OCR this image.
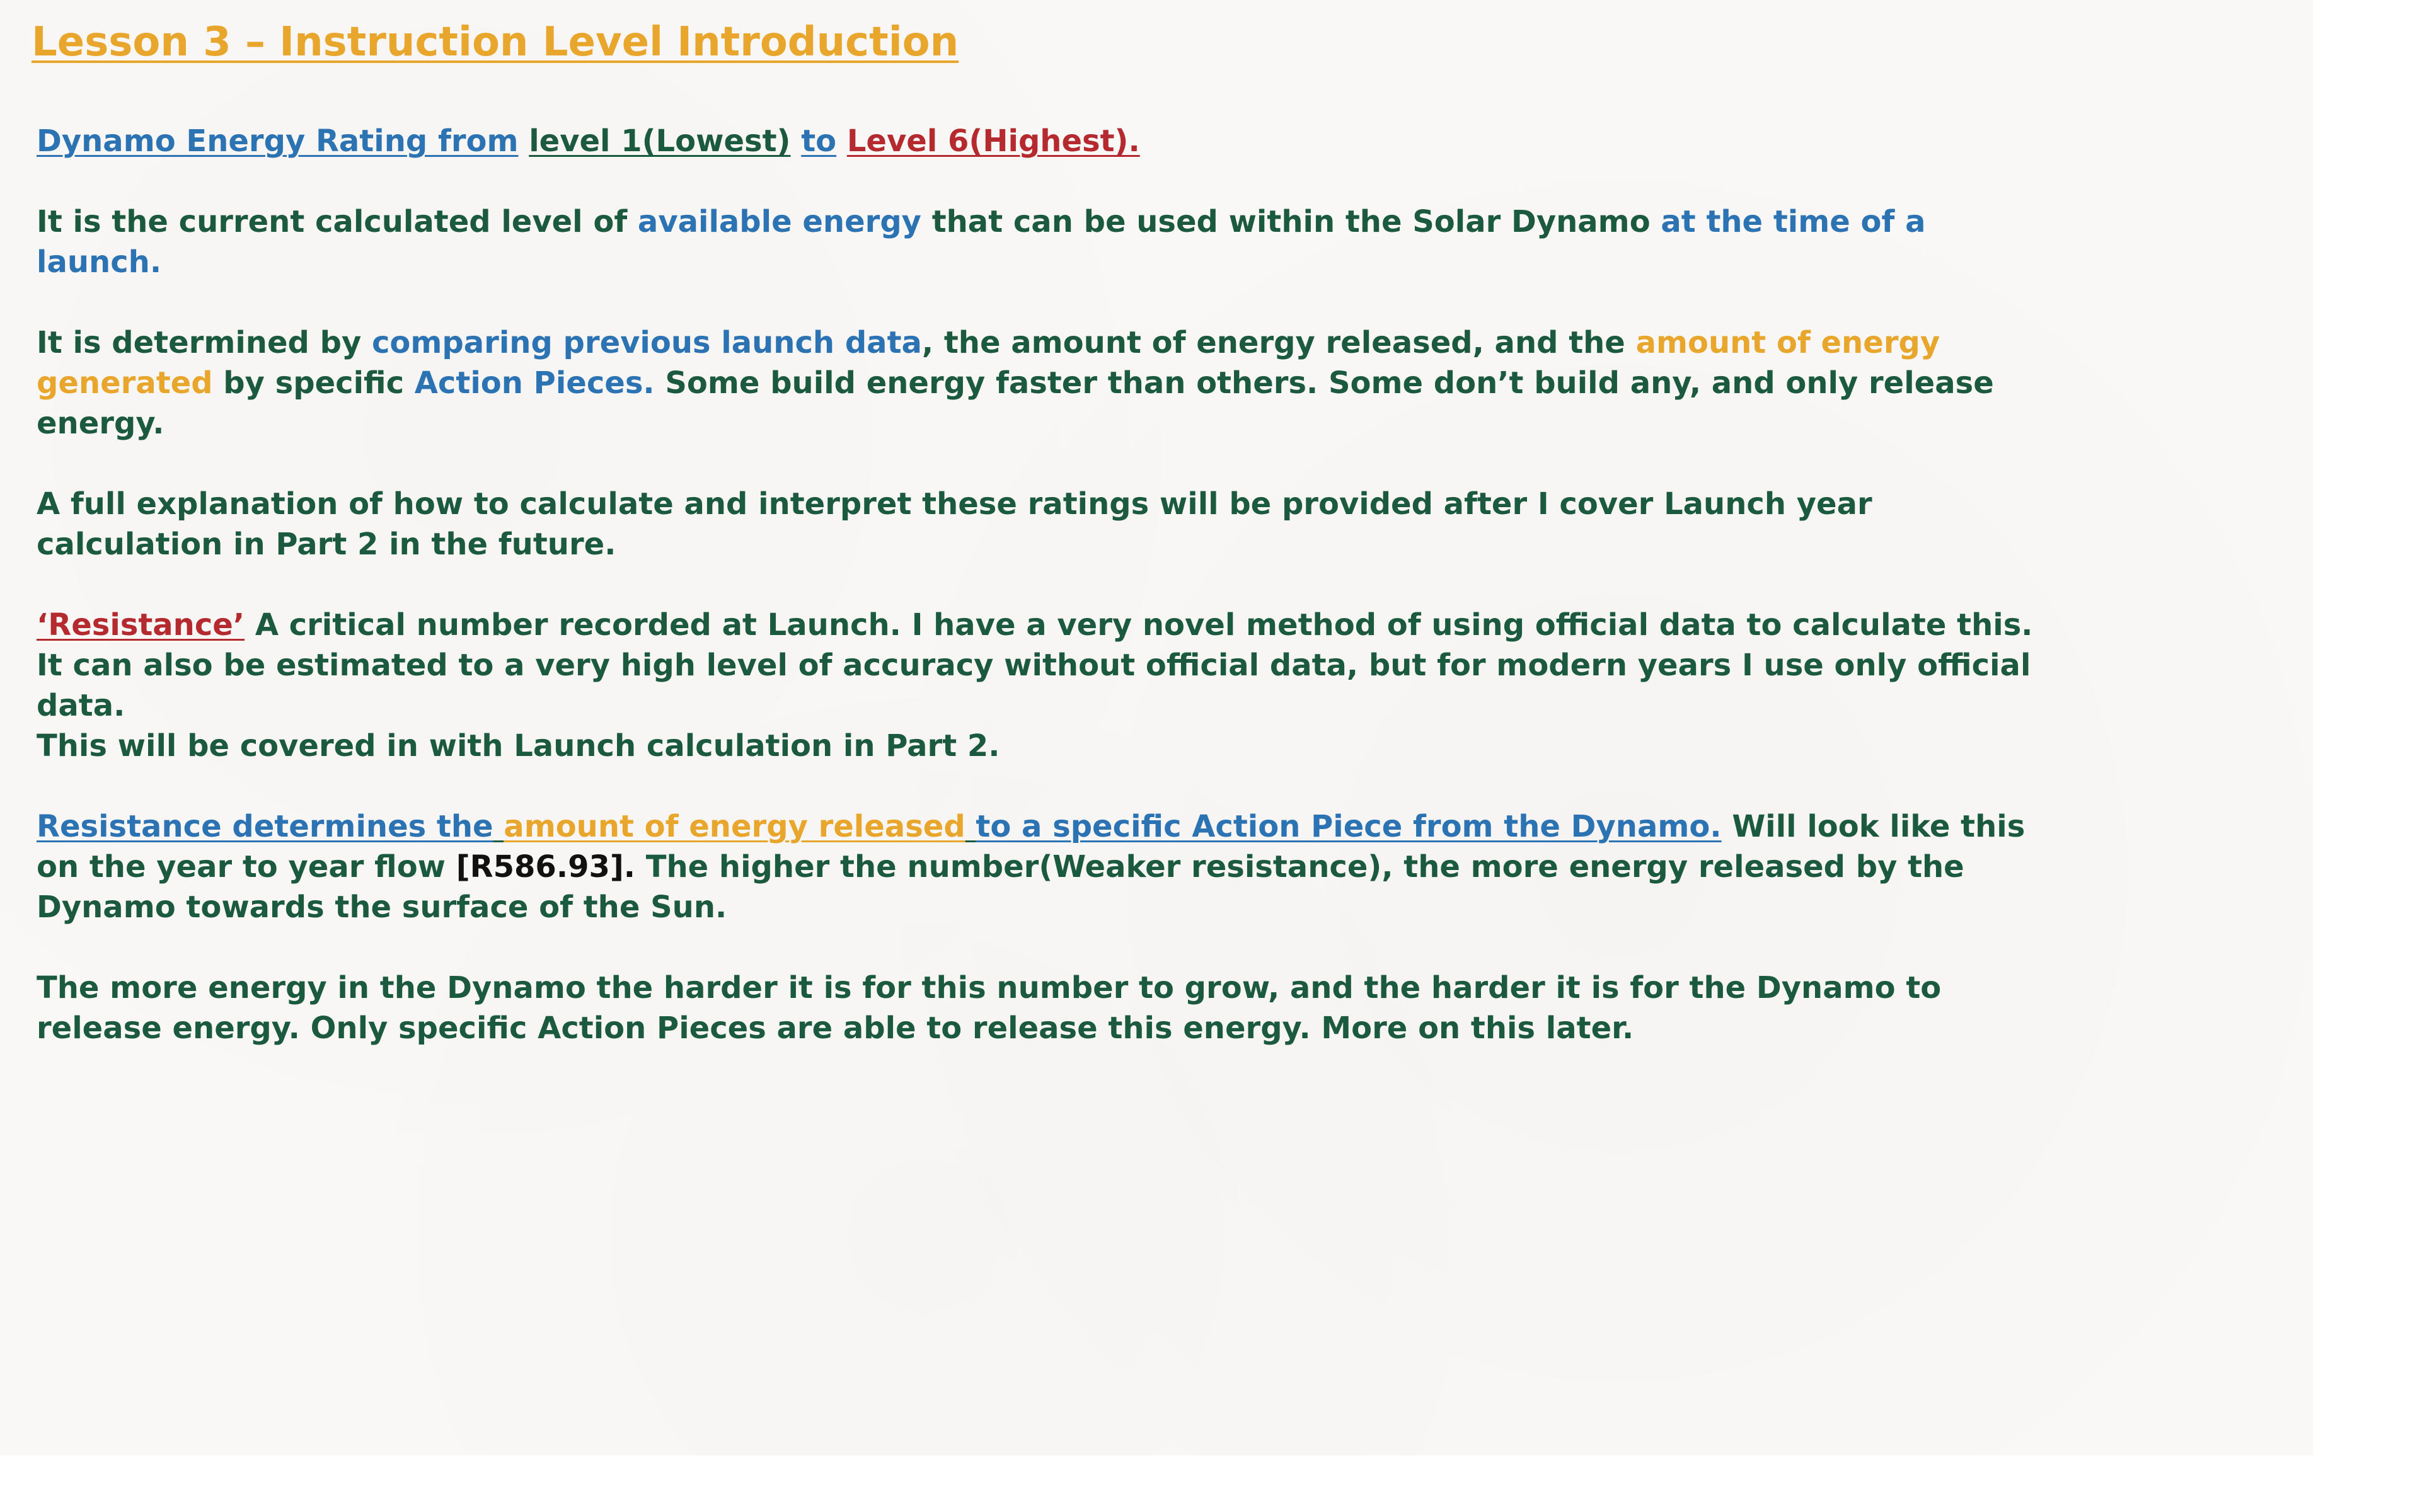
Lesson 3 – Instruction Level Introduction

Dynamo Energy Rating from level 1(Lowest) to Level 6(Highest).

It is the current calculated level of available energy that can be used within the Solar Dynamo at the time of a launch.

It is determined by comparing previous launch data, the amount of energy released, and the amount of energy generated by specific Action Pieces. Some build energy faster than others. Some don’t build any, and only release energy.

A full explanation of how to calculate and interpret these ratings will be provided after I cover Launch year calculation in Part 2 in the future.

‘Resistance’ A critical number recorded at Launch. I have a very novel method of using official data to calculate this. It can also be estimated to a very high level of accuracy without official data, but for modern years I use only official data.
This will be covered in with Launch calculation in Part 2.

Resistance determines the amount of energy released to a specific Action Piece from the Dynamo. Will look like this on the year to year flow [R586.93]. The higher the number(Weaker resistance), the more energy released by the Dynamo towards the surface of the Sun.

The more energy in the Dynamo the harder it is for this number to grow, and the harder it is for the Dynamo to release energy. Only specific Action Pieces are able to release this energy. More on this later.
